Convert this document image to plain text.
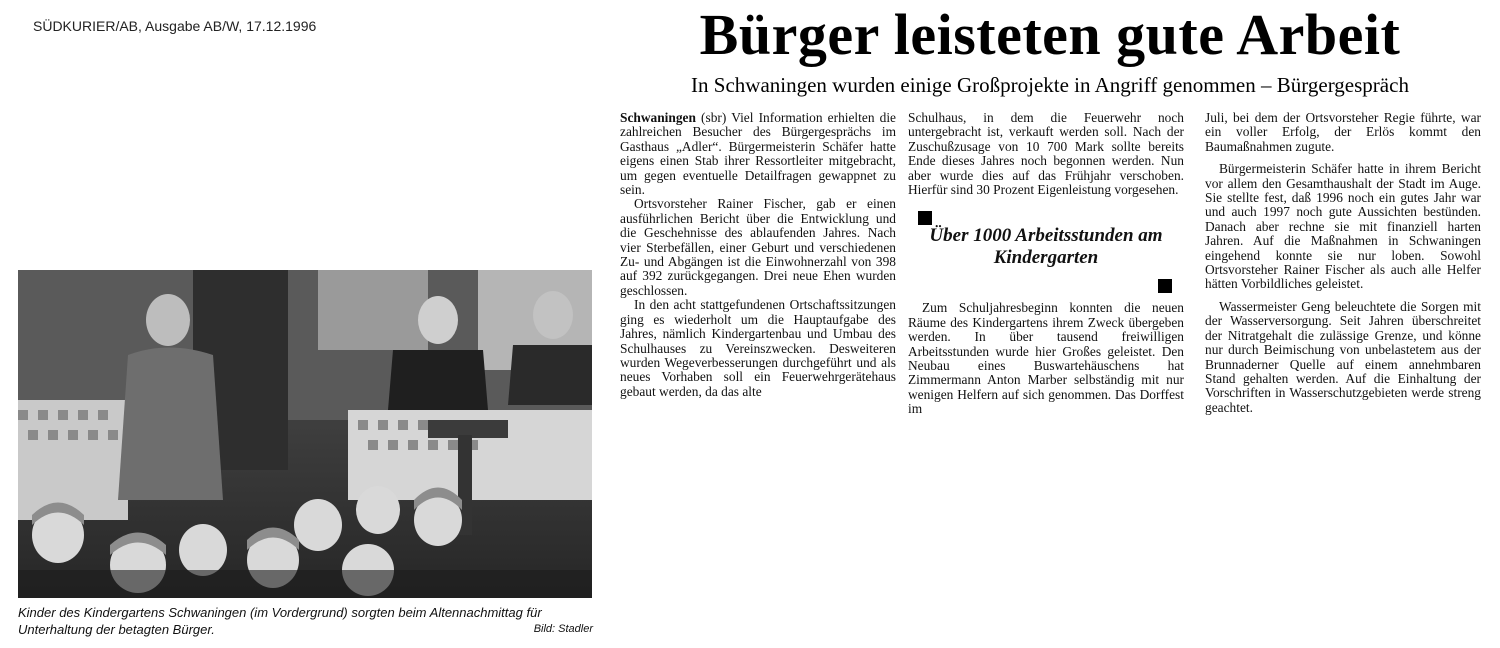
SÜDKURIER/AB, Ausgabe AB/W, 17.12.1996	Bürger leisteten gute Arbeit
In Schwaningen wurden einige Großprojekte in Angriff genommen – Bürgergespräch
Kinder des Kindergartens Schwaningen (im Vordergrund) sorgten beim Altennachmittag für Unterhaltung der betagten Bürger.	Bild: Stadler

Schwaningen (sbr) Viel Information erhielten die zahlreichen Besucher des Bürgergesprächs im Gasthaus „Adler“. Bürgermeisterin Schäfer hatte eigens einen Stab ihrer Ressortleiter mitgebracht, um gegen eventuelle Detailfragen gewappnet zu sein.

Ortsvorsteher Rainer Fischer, gab er einen ausführlichen Bericht über die Entwicklung und die Geschehnisse des ablaufenden Jahres. Nach vier Sterbefällen, einer Geburt und verschiedenen Zu- und Abgängen ist die Einwohnerzahl von 398 auf 392 zurückgegangen. Drei neue Ehen wurden geschlossen.

In den acht stattgefundenen Ortschaftssitzungen ging es wiederholt um die Hauptaufgabe des Jahres, nämlich Kindergartenbau und Umbau des Schulhauses zu Vereinszwecken. Desweiteren wurden Wegeverbesserungen durchgeführt und als neues Vorhaben soll ein Feuerwehrgerätehaus gebaut werden, da das alte

Schulhaus, in dem die Feuerwehr noch untergebracht ist, verkauft werden soll. Nach der Zuschußzusage von 10 700 Mark sollte bereits Ende dieses Jahres noch begonnen werden. Nun aber wurde dies auf das Frühjahr verschoben. Hierfür sind 30 Prozent Eigenleistung vorgesehen.

Über 1000 Arbeitsstunden am Kindergarten

Zum Schuljahresbeginn konnten die neuen Räume des Kindergartens ihrem Zweck übergeben werden. In über tausend freiwilligen Arbeitsstunden wurde hier Großes geleistet. Den Neubau eines Buswartehäuschens hat Zimmermann Anton Marber selbständig mit nur wenigen Helfern auf sich genommen. Das Dorffest im

Juli, bei dem der Ortsvorsteher Regie führte, war ein voller Erfolg, der Erlös kommt den Baumaßnahmen zugute.

Bürgermeisterin Schäfer hatte in ihrem Bericht vor allem den Gesamthaushalt der Stadt im Auge. Sie stellte fest, daß 1996 noch ein gutes Jahr war und auch 1997 noch gute Aussichten bestünden. Danach aber rechne sie mit finanziell harten Jahren. Auf die Maßnahmen in Schwaningen eingehend konnte sie nur loben. Sowohl Ortsvorsteher Rainer Fischer als auch alle Helfer hätten Vorbildliches geleistet.

Wassermeister Geng beleuchtete die Sorgen mit der Wasserversorgung. Seit Jahren überschreitet der Nitratgehalt die zulässige Grenze, und könne nur durch Beimischung von unbelastetem aus der Brunnaderner Quelle auf einem annehmbaren Stand gehalten werden. Auf die Einhaltung der Vorschriften in Wasserschutzgebieten werde streng geachtet.
